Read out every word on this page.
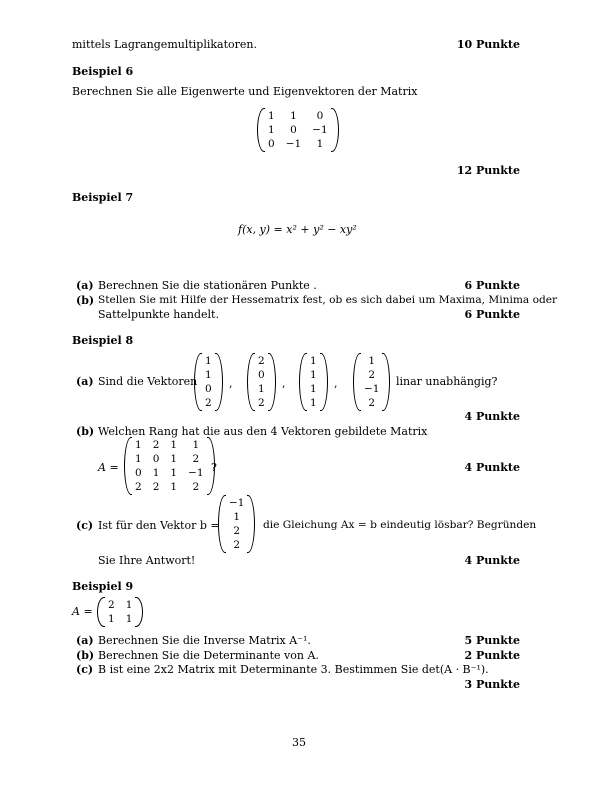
mittels Lagrangemultiplikatoren.	10 Punkte
Beispiel 6
Berechnen Sie alle Eigenwerte und Eigenvektoren der Matrix
1	1	0
1	0	−1
0 −1	1
12 Punkte
Beispiel 7
f(x, y) = x² + y² − xy²
(a) Berechnen Sie die stationären Punkte .	6 Punkte
(b) Stellen Sie mit Hilfe der Hessematrix fest, ob es sich dabei um Maxima, Minima oder
Sattelpunkte handelt.	6 Punkte
Beispiel 8
(a) Sind die Vektoren
1
1
0
2
,
2
0
1
2
,
1
1
1
1
,
1
2
−1
2
linar unabhängig?
4 Punkte
(b) Welchen Rang hat die aus den 4 Vektoren gebildete Matrix
A =
1 2 1	1
1 0 1	2
0 1 1 −1
2 2 1	2
?	4 Punkte
(c) Ist für den Vektor b =
−1
1
2
2
die Gleichung Ax = b eindeutig lösbar? Begründen
Sie Ihre Antwort!	4 Punkte
Beispiel 9
A = 2 1
1 1
(a) Berechnen Sie die Inverse Matrix A⁻¹.	5 Punkte
(b) Berechnen Sie die Determinante von A.	2 Punkte
(c) B ist eine 2x2 Matrix mit Determinante 3. Bestimmen Sie det(A · B⁻¹).
3 Punkte
35
